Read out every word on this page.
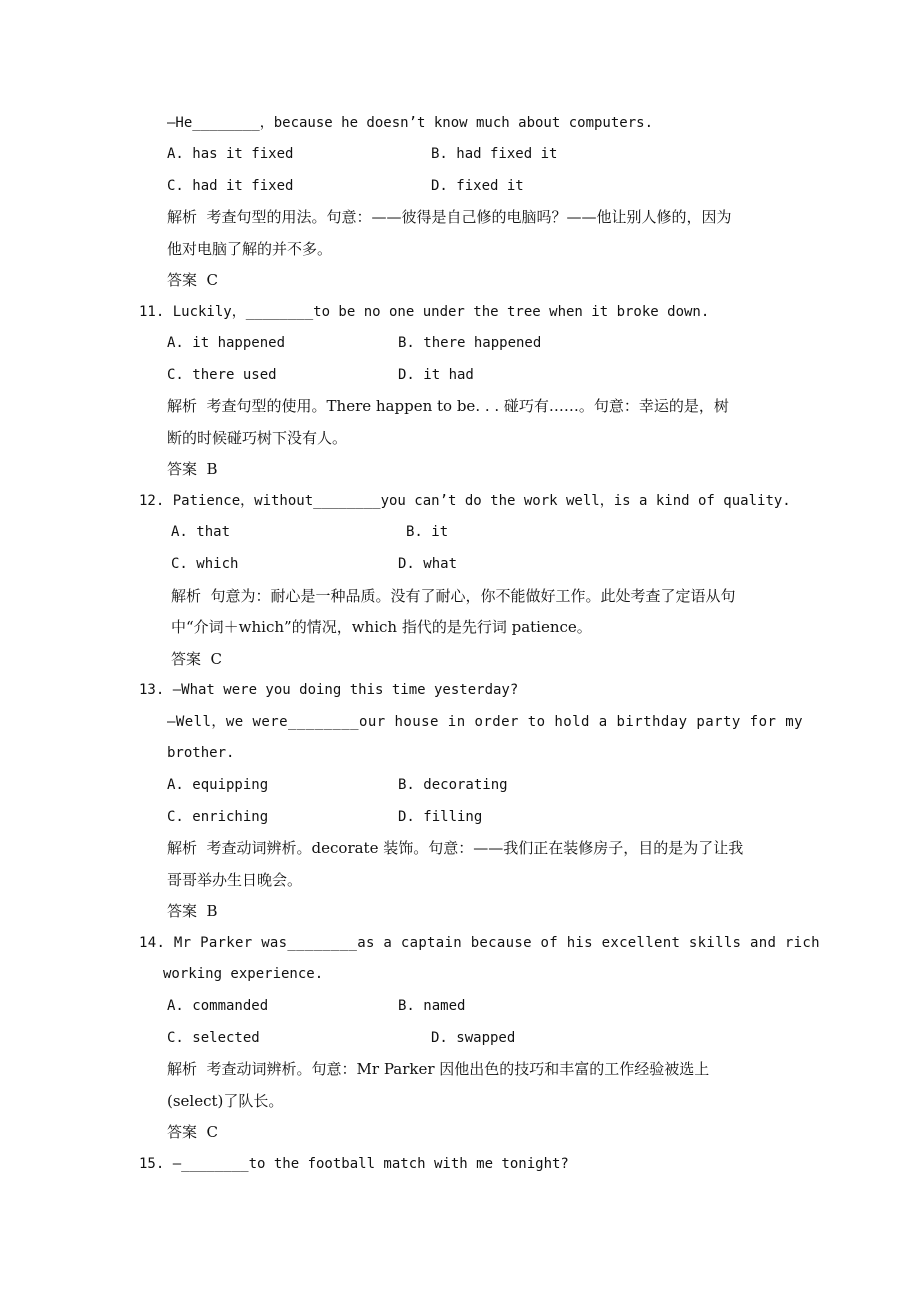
—He________，because he doesn’t know much about computers.
A. has it fixed	B. had fixed it
C. had it fixed	D. fixed it
解析  考查句型的用法。句意：——彼得是自己修的电脑吗？——他让别人修的，因为
他对电脑了解的并不多。
答案  C
11. Luckily，________to be no one under the tree when it broke down.
A. it happened	B. there happened
C. there used	D. it had
解析  考查句型的使用。There happen to be. . . 碰巧有……。句意：幸运的是，树
断的时候碰巧树下没有人。
答案  B
12. Patience，without________you can’t do the work well，is a kind of quality.
A. that	B. it
C. which	D. what
解析  句意为：耐心是一种品质。没有了耐心，你不能做好工作。此处考查了定语从句
中“介词＋which”的情况，which 指代的是先行词 patience。
答案  C
13. —What were you doing this time yesterday?
—Well，we were________our house in order to hold a birthday party for my
brother.
A. equipping	B. decorating
C. enriching	D. filling
解析  考查动词辨析。decorate 装饰。句意：——我们正在装修房子，目的是为了让我
哥哥举办生日晚会。
答案  B
14. Mr Parker was________as a captain because of his excellent skills and rich
working experience.
A. commanded	B. named
C. selected	D. swapped
解析  考查动词辨析。句意：Mr Parker 因他出色的技巧和丰富的工作经验被选上
(select)了队长。
答案  C
15. —________to the football match with me tonight?
